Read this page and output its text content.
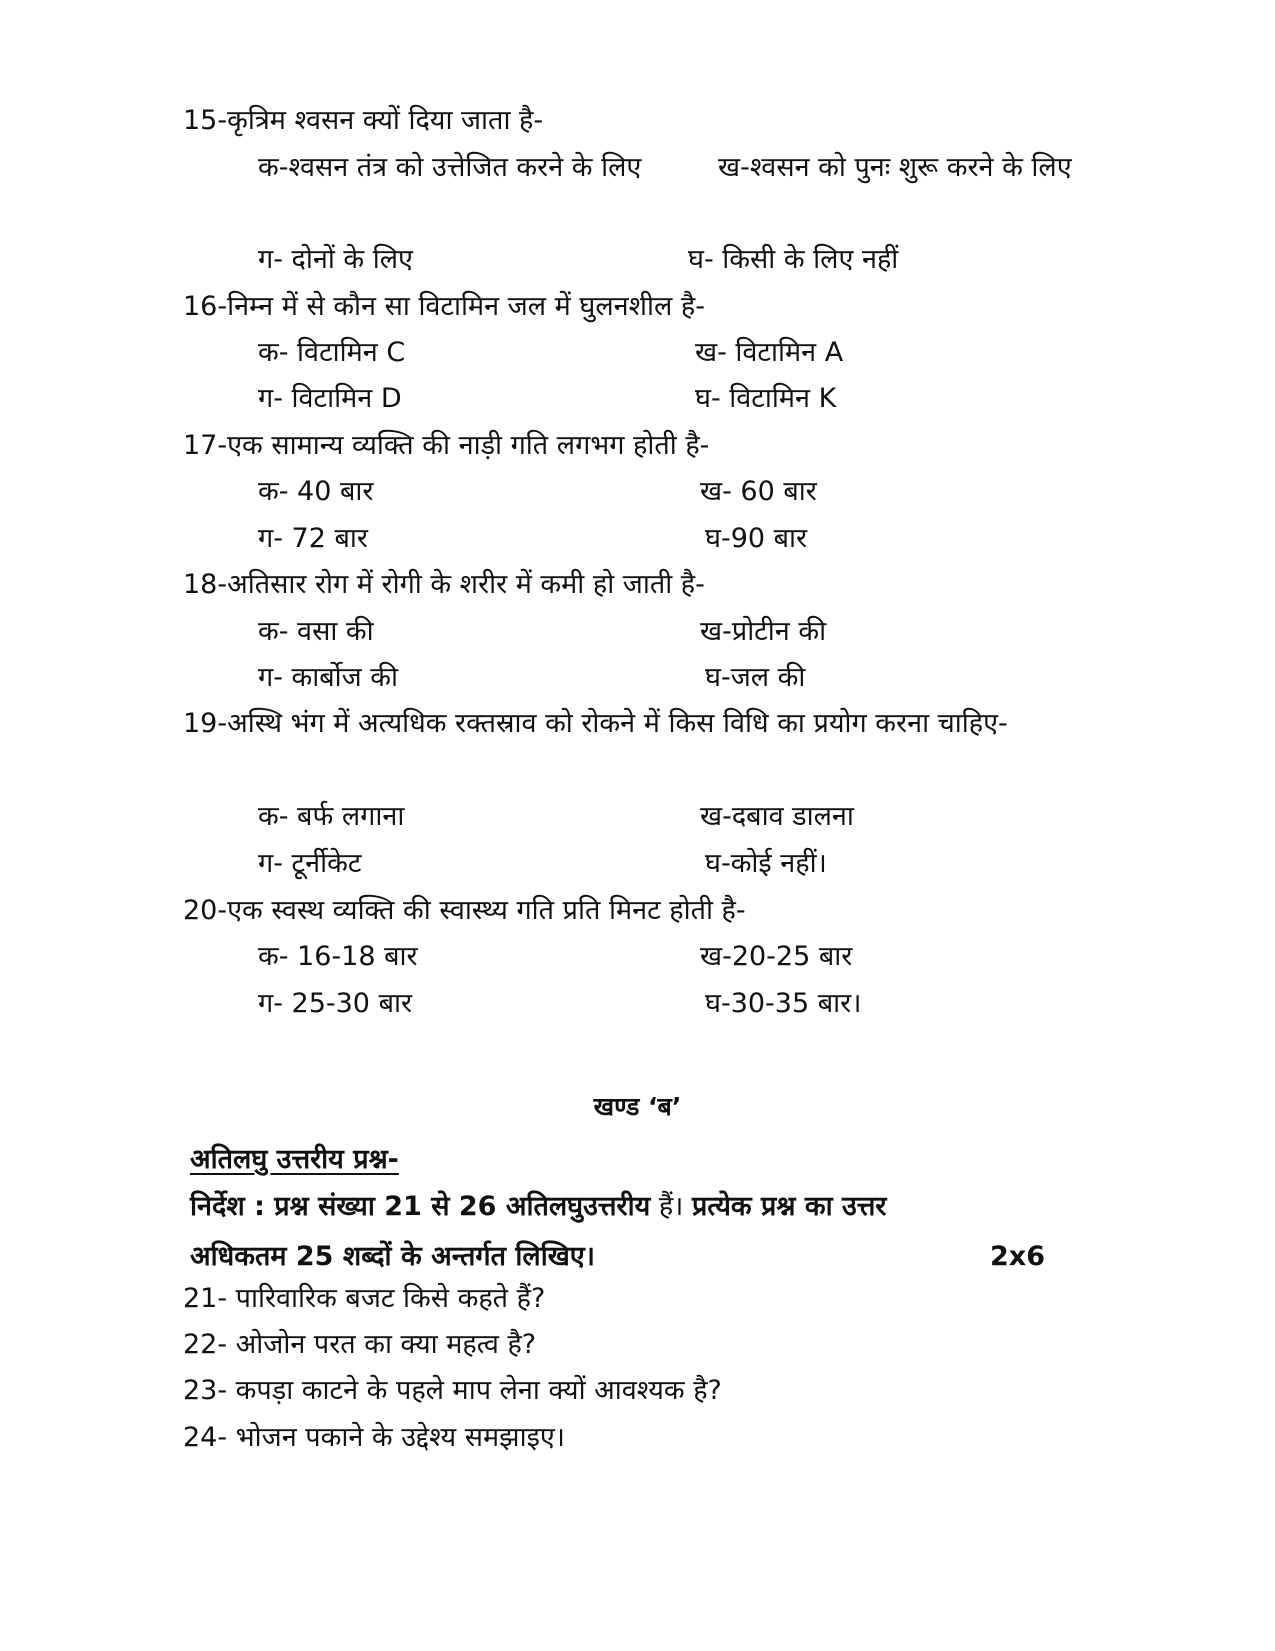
15-कृत्रिम श्वसन क्यों दिया जाता है-
क-श्वसन तंत्र को उत्तेजित करने के लिए	ख-श्वसन को पुनः शुरू करने के लिए
ग- दोनों के लिए	घ- किसी के लिए नहीं
16-निम्न में से कौन सा विटामिन जल में घुलनशील है-
क- विटामिन C	ख- विटामिन A
ग- विटामिन D	घ- विटामिन K
17-एक सामान्य व्यक्ति की नाड़ी गति लगभग होती है-
क- 40 बार	ख- 60 बार
ग- 72 बार	घ-90 बार
18-अतिसार रोग में रोगी के शरीर में कमी हो जाती है-
क- वसा की	ख-प्रोटीन की
ग- कार्बोज की	घ-जल की
19-अस्थि भंग में अत्यधिक रक्तस्राव को रोकने में किस विधि का प्रयोग करना चाहिए-
क- बर्फ लगाना	ख-दबाव डालना
ग- टूर्नीकेट	घ-कोई नहीं।
20-एक स्वस्थ व्यक्ति की स्वास्थ्य गति प्रति मिनट होती है-
क- 16-18 बार	ख-20-25 बार
ग- 25-30 बार	घ-30-35 बार।
खण्ड ‘ब’
अतिलघु उत्तरीय प्रश्न-
निर्देश : प्रश्न संख्या 21 से 26 अतिलघुउत्तरीय हैं। प्रत्येक प्रश्न का उत्तर
अधिकतम 25 शब्दों के अन्तर्गत लिखिए।	2x6
21- पारिवारिक बजट किसे कहते हैं?
22- ओजोन परत का क्या महत्व है?
23- कपड़ा काटने के पहले माप लेना क्यों आवश्यक है?
24- भोजन पकाने के उद्देश्य समझाइए।
